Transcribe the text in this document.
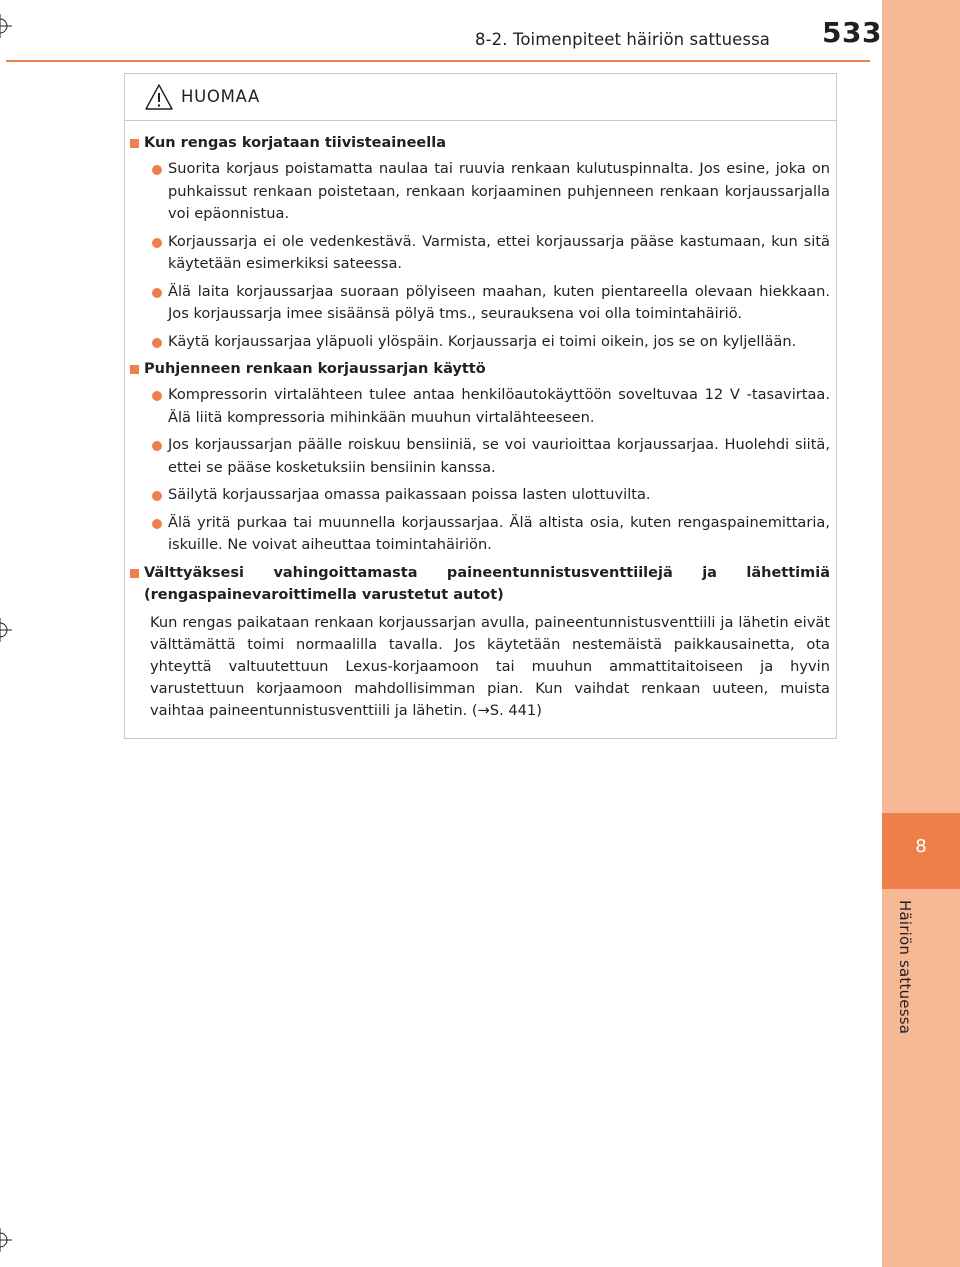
8
Häiriön sattuessa
8-2. Toimenpiteet häiriön sattuessa 533
HUOMAA
Kun rengas korjataan tiivisteaineella
Suorita korjaus poistamatta naulaa tai ruuvia renkaan kulutuspinnalta. Jos esine, joka on puhkaissut renkaan poistetaan, renkaan korjaaminen puhjenneen renkaan korjaussarjalla voi epäonnistua.
Korjaussarja ei ole vedenkestävä. Varmista, ettei korjaussarja pääse kastumaan, kun sitä käytetään esimerkiksi sateessa.
Älä laita korjaussarjaa suoraan pölyiseen maahan, kuten pientareella olevaan hiekkaan. Jos korjaussarja imee sisäänsä pölyä tms., seurauksena voi olla toimintahäiriö.
Käytä korjaussarjaa yläpuoli ylöspäin. Korjaussarja ei toimi oikein, jos se on kyljellään.
Puhjenneen renkaan korjaussarjan käyttö
Kompressorin virtalähteen tulee antaa henkilöautokäyttöön soveltuvaa 12 V -tasavirtaa. Älä liitä kompressoria mihinkään muuhun virtalähteeseen.
Jos korjaussarjan päälle roiskuu bensiiniä, se voi vaurioittaa korjaussarjaa. Huolehdi siitä, ettei se pääse kosketuksiin bensiinin kanssa.
Säilytä korjaussarjaa omassa paikassaan poissa lasten ulottuvilta.
Älä yritä purkaa tai muunnella korjaussarjaa. Älä altista osia, kuten rengaspainemittaria, iskuille. Ne voivat aiheuttaa toimintahäiriön.
Välttyäksesi vahingoittamasta paineentunnistusventtiilejä ja lähettimiä (rengaspainevaroittimella varustetut autot)
Kun rengas paikataan renkaan korjaussarjan avulla, paineentunnistusventtiili ja lähetin eivät välttämättä toimi normaalilla tavalla. Jos käytetään nestemäistä paikkausainetta, ota yhteyttä valtuutettuun Lexus-korjaamoon tai muuhun ammattitaitoiseen ja hyvin varustettuun korjaamoon mahdollisimman pian. Kun vaihdat renkaan uuteen, muista vaihtaa paineentunnistusventtiili ja lähetin. (→S. 441)
